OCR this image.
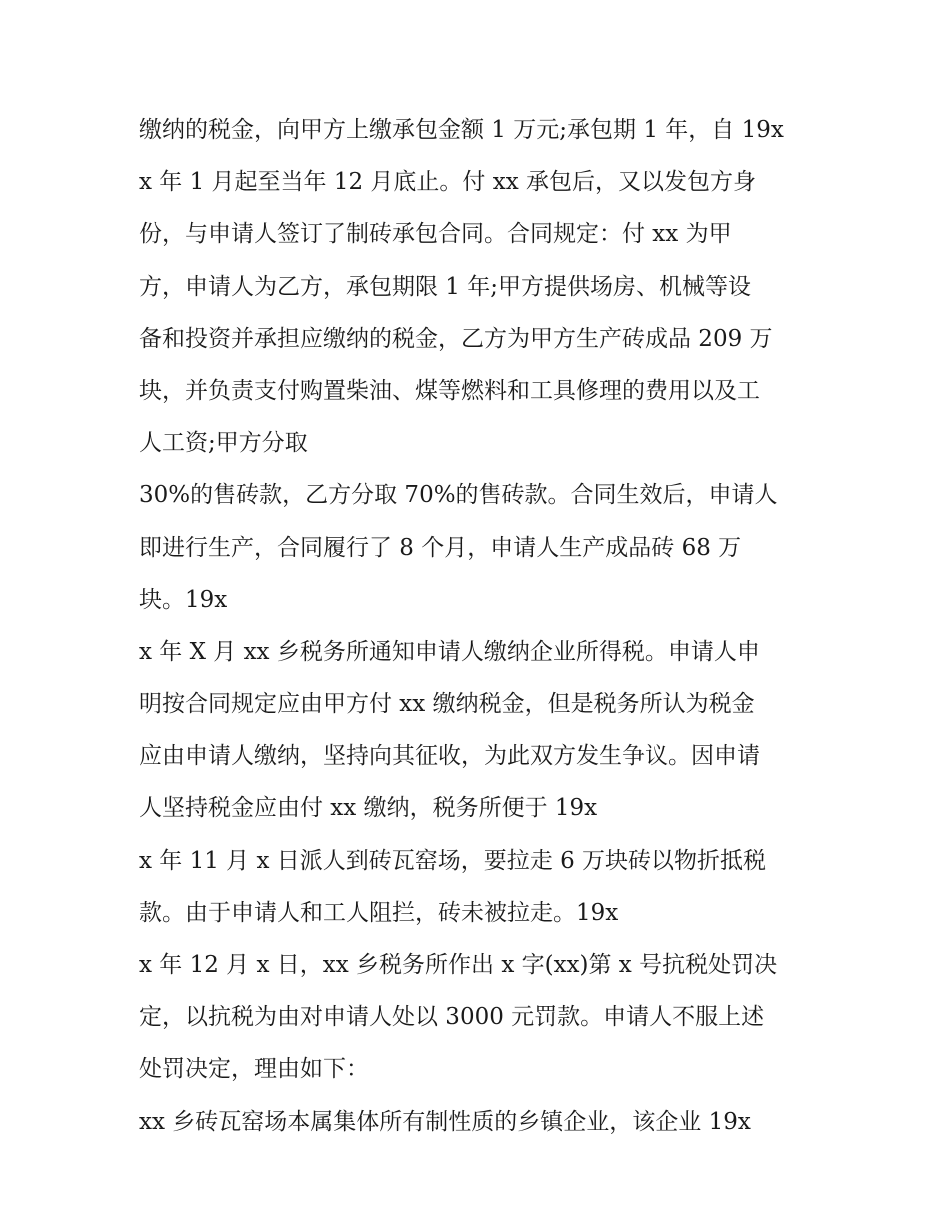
缴纳的税金，向甲方上缴承包金额 1 万元;承包期 1 年，自 19x
x 年 1 月起至当年 12 月底止。付 xx 承包后，又以发包方身
份，与申请人签订了制砖承包合同。合同规定：付 xx 为甲
方，申请人为乙方，承包期限 1 年;甲方提供场房、机械等设
备和投资并承担应缴纳的税金，乙方为甲方生产砖成品 209 万
块，并负责支付购置柴油、煤等燃料和工具修理的费用以及工
人工资;甲方分取
30%的售砖款，乙方分取 70%的售砖款。合同生效后，申请人
即进行生产，合同履行了 8 个月，申请人生产成品砖 68 万
块。19x
x 年 X 月 xx 乡税务所通知申请人缴纳企业所得税。申请人申
明按合同规定应由甲方付 xx 缴纳税金，但是税务所认为税金
应由申请人缴纳，坚持向其征收，为此双方发生争议。因申请
人坚持税金应由付 xx 缴纳，税务所便于 19x
x 年 11 月 x 日派人到砖瓦窑场，要拉走 6 万块砖以物折抵税
款。由于申请人和工人阻拦，砖未被拉走。19x
x 年 12 月 x 日，xx 乡税务所作出 x 字(xx)第 x 号抗税处罚决
定，以抗税为由对申请人处以 3000 元罚款。申请人不服上述
处罚决定，理由如下：
xx 乡砖瓦窑场本属集体所有制性质的乡镇企业，该企业 19x
